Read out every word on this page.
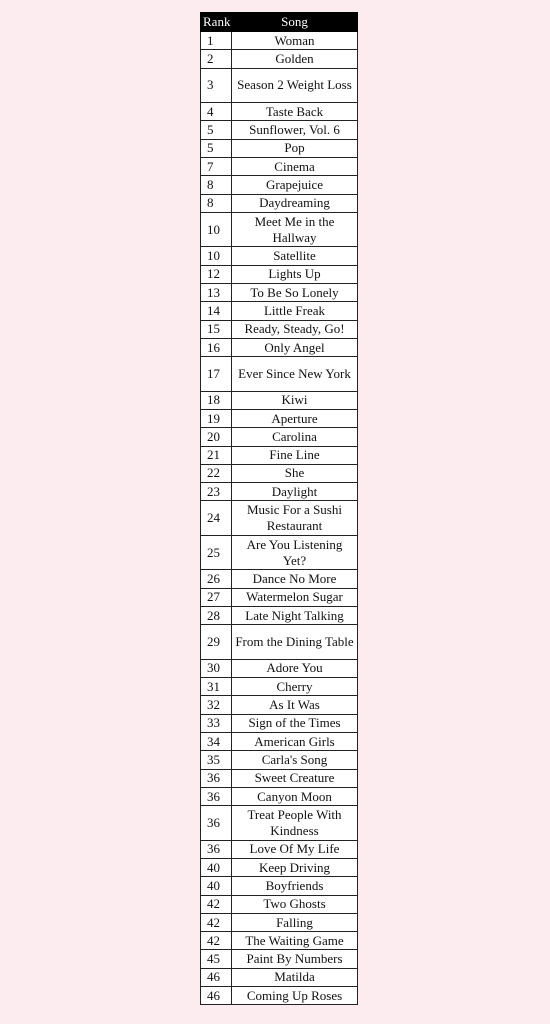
Rank	Song
1	Woman
2	Golden
3	Season 2 Weight Loss
4	Taste Back
5	Sunflower, Vol. 6
5	Pop
7	Cinema
8	Grapejuice
8	Daydreaming
10	Meet Me in the Hallway
10	Satellite
12	Lights Up
13	To Be So Lonely
14	Little Freak
15	Ready, Steady, Go!
16	Only Angel
17	Ever Since New York
18	Kiwi
19	Aperture
20	Carolina
21	Fine Line
22	She
23	Daylight
24	Music For a Sushi Restaurant
25	Are You Listening Yet?
26	Dance No More
27	Watermelon Sugar
28	Late Night Talking
29	From the Dining Table
30	Adore You
31	Cherry
32	As It Was
33	Sign of the Times
34	American Girls
35	Carla's Song
36	Sweet Creature
36	Canyon Moon
36	Treat People With Kindness
36	Love Of My Life
40	Keep Driving
40	Boyfriends
42	Two Ghosts
42	Falling
42	The Waiting Game
45	Paint By Numbers
46	Matilda
46	Coming Up Roses
